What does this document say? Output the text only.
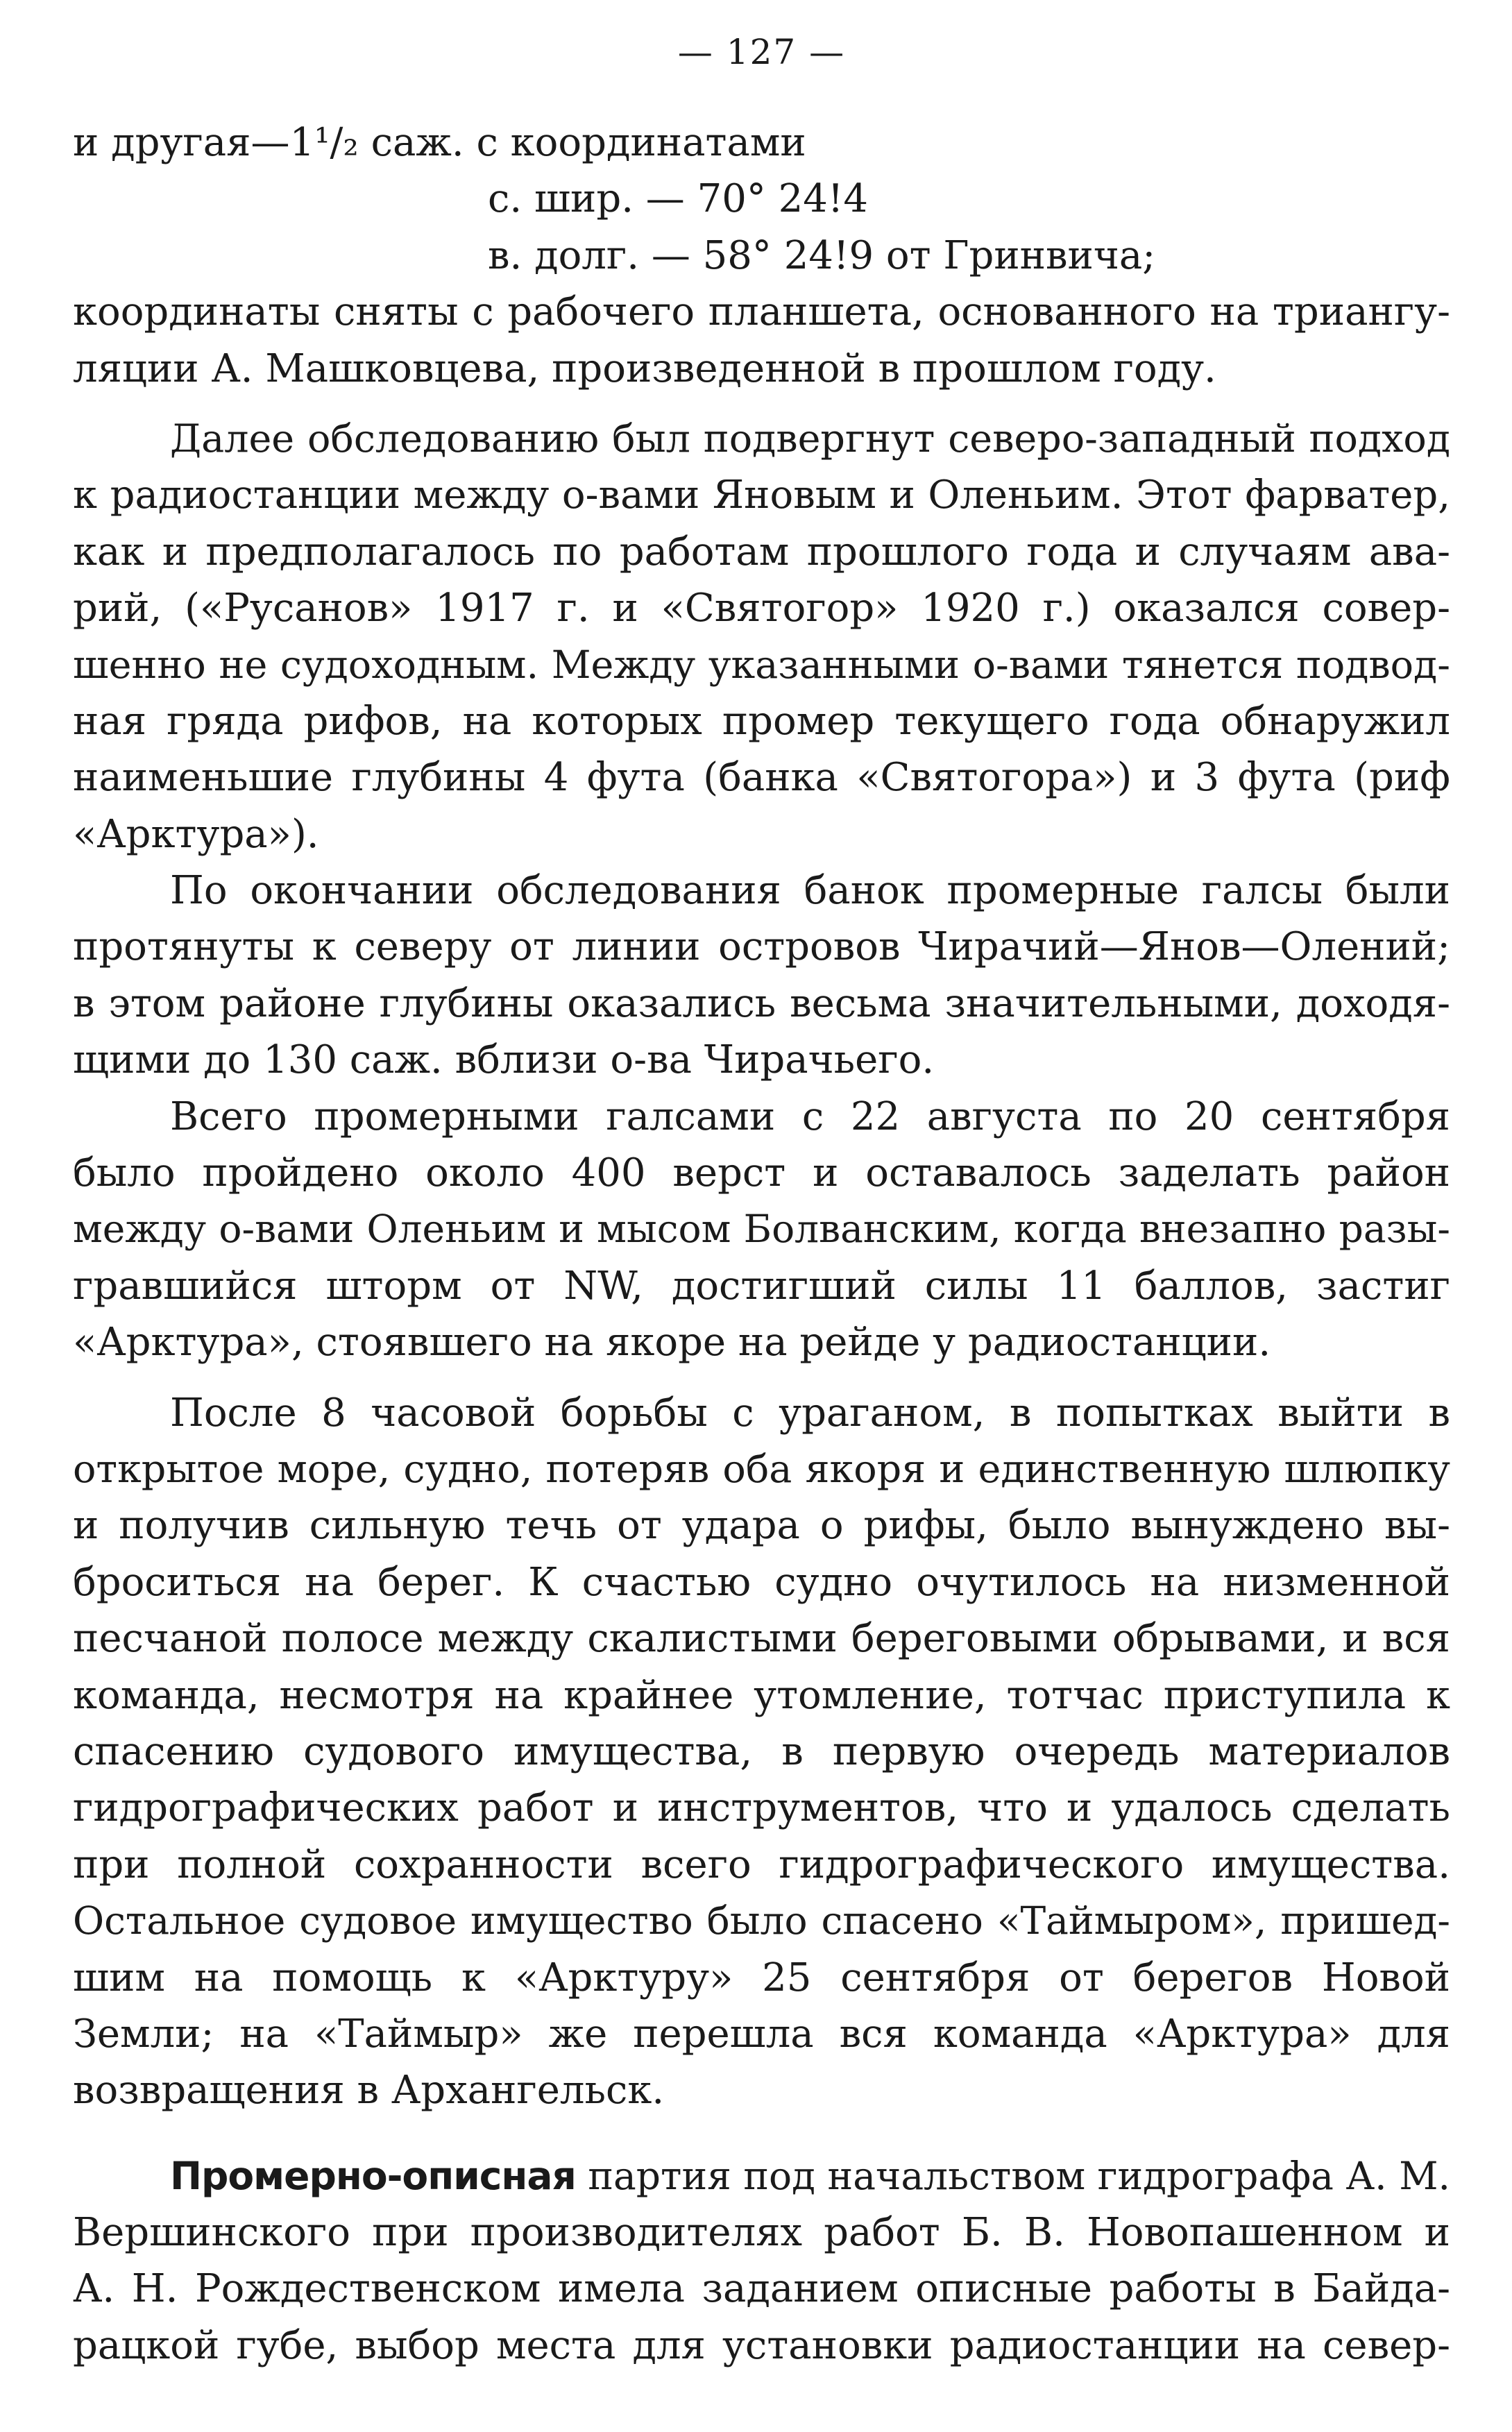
— 127 —
и другая—1¹/₂ саж. с координатами
с. шир. — 70° 24!4
в. долг. — 58° 24!9 от Гринвича;
координаты сняты с рабочего планшета, основанного на триангу-
ляции А. Машковцева, произведенной в прошлом году.
Далее обследованию был подвергнут северо-западный подход
к радиостанции между о-вами Яновым и Оленьим. Этот фарватер,
как и предполагалось по работам прошлого года и случаям ава-
рий, («Русанов» 1917 г. и «Святогор» 1920 г.) оказался совер-
шенно не судоходным. Между указанными о-вами тянется подвод-
ная гряда рифов, на которых промер текущего года обнаружил
наименьшие глубины 4 фута (банка «Святогора») и 3 фута (риф
«Арктура»).
По окончании обследования банок промерные галсы были
протянуты к северу от линии островов Чирачий—Янов—Олений;
в этом районе глубины оказались весьма значительными, доходя-
щими до 130 саж. вблизи о-ва Чирачьего.
Всего промерными галсами с 22 августа по 20 сентября
было пройдено около 400 верст и оставалось заделать район
между о-вами Оленьим и мысом Болванским, когда внезапно разы-
гравшийся шторм от NW, достигший силы 11 баллов, застиг
«Арктура», стоявшего на якоре на рейде у радиостанции.
После 8 часовой борьбы с ураганом, в попытках выйти в
открытое море, судно, потеряв оба якоря и единственную шлюпку
и получив сильную течь от удара о рифы, было вынуждено вы-
броситься на берег. К счастью судно очутилось на низменной
песчаной полосе между скалистыми береговыми обрывами, и вся
команда, несмотря на крайнее утомление, тотчас приступила к
спасению судового имущества, в первую очередь материалов
гидрографических работ и инструментов, что и удалось сделать
при полной сохранности всего гидрографического имущества.
Остальное судовое имущество было спасено «Таймыром», пришед-
шим на помощь к «Арктуру» 25 сентября от берегов Новой
Земли; на «Таймыр» же перешла вся команда «Арктура» для
возвращения в Архангельск.
Промерно-описная партия под начальством гидрографа А. М.
Вершинского при производителях работ Б. В. Новопашенном и
А. Н. Рождественском имела заданием описные работы в Байда-
рацкой губе, выбор места для установки радиостанции на север-
